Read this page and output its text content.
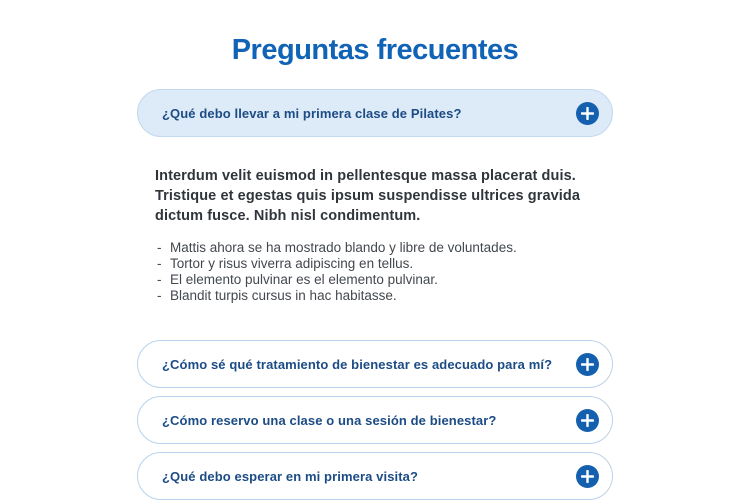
Preguntas frecuentes
¿Qué debo llevar a mi primera clase de Pilates?

Interdum velit euismod in pellentesque massa placerat duis. Tristique et egestas quis ipsum suspendisse ultrices gravida dictum fusce. Nibh nisl condimentum.

- Mattis ahora se ha mostrado blando y libre de voluntades.
- Tortor y risus viverra adipiscing en tellus.
- El elemento pulvinar es el elemento pulvinar.
- Blandit turpis cursus in hac habitasse.
¿Cómo sé qué tratamiento de bienestar es adecuado para mí?
¿Cómo reservo una clase o una sesión de bienestar?
¿Qué debo esperar en mi primera visita?
